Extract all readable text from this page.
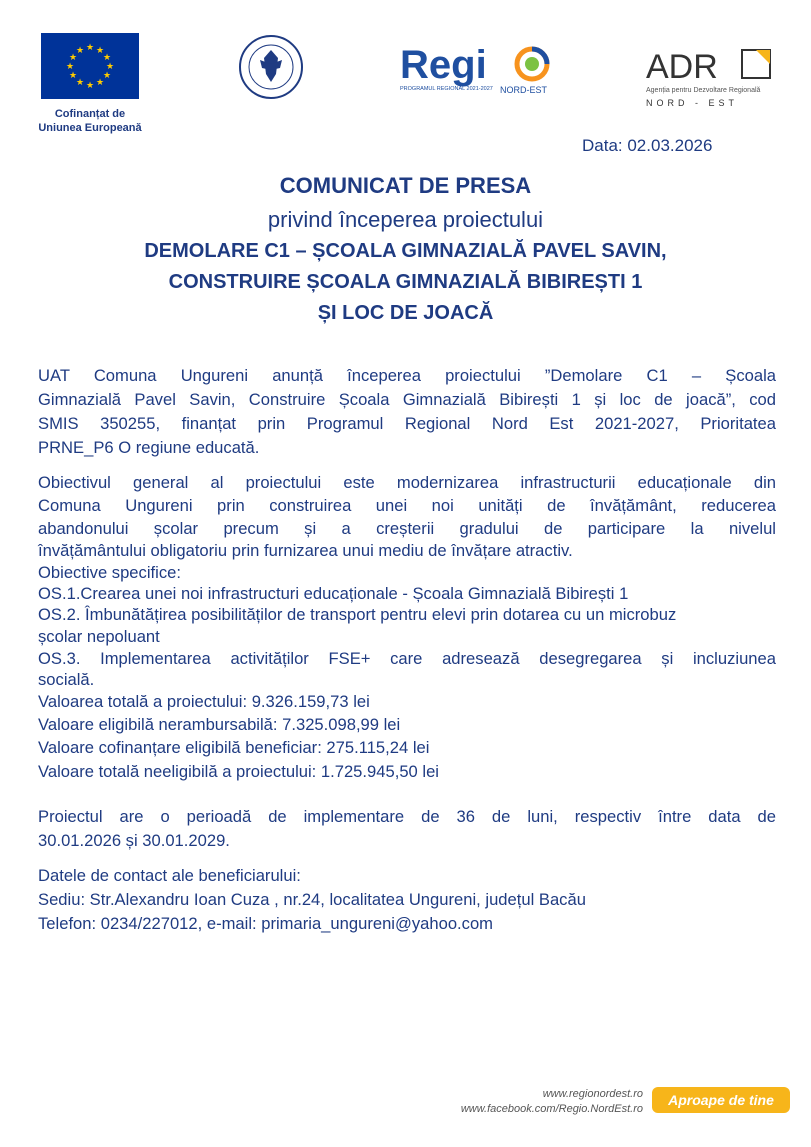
★ ★
★
★
★
★
★
★
★
★
★
★
Cofinanțat de
Uniunea Europeană
Regi
PROGRAMUL REGIONAL 2021-2027 NORD-EST
ADR
Agenția pentru Dezvoltare Regională
NORD - EST
Data: 02.03.2026
COMUNICAT DE PRESA
privind începerea proiectului
DEMOLARE C1 – ȘCOALA GIMNAZIALĂ PAVEL SAVIN,
CONSTRUIRE ȘCOALA GIMNAZIALĂ BIBIREȘTI 1
ȘI LOC DE JOACĂ
UAT Comuna Ungureni anunță începerea proiectului ”Demolare C1 – Școala
Gimnazială Pavel Savin, Construire Școala Gimnazială Bibirești 1 și loc de joacă”, cod
SMIS 350255, finanțat prin Programul Regional Nord Est 2021-2027, Prioritatea
PRNE_P6 O regiune educată.
Obiectivul general al proiectului este modernizarea infrastructurii educaționale din
Comuna Ungureni prin construirea unei noi unități de învățământ, reducerea
abandonului școlar precum și a creșterii gradului de participare la nivelul
învățământului obligatoriu prin furnizarea unui mediu de învățare atractiv.
Obiective specifice:
OS.1.Crearea unei noi infrastructuri educaționale - Școala Gimnazială Bibirești 1
OS.2. Îmbunătățirea posibilităților de transport pentru elevi prin dotarea cu un microbuz
școlar nepoluant
OS.3. Implementarea activităților FSE+ care adresează desegregarea și incluziunea
socială.
Valoarea totală a proiectului: 9.326.159,73 lei
Valoare eligibilă nerambursabilă: 7.325.098,99 lei
Valoare cofinanțare eligibilă beneficiar: 275.115,24 lei
Valoare totală neeligibilă a proiectului: 1.725.945,50 lei
Proiectul are o perioadă de implementare de 36 de luni, respectiv între data de
30.01.2026 și 30.01.2029.
Datele de contact ale beneficiarului:
Sediu: Str.Alexandru Ioan Cuza , nr.24, localitatea Ungureni, județul Bacău
Telefon: 0234/227012, e-mail: primaria_ungureni@yahoo.com
www.regionordest.ro
www.facebook.com/Regio.NordEst.ro
Aproape de tine
